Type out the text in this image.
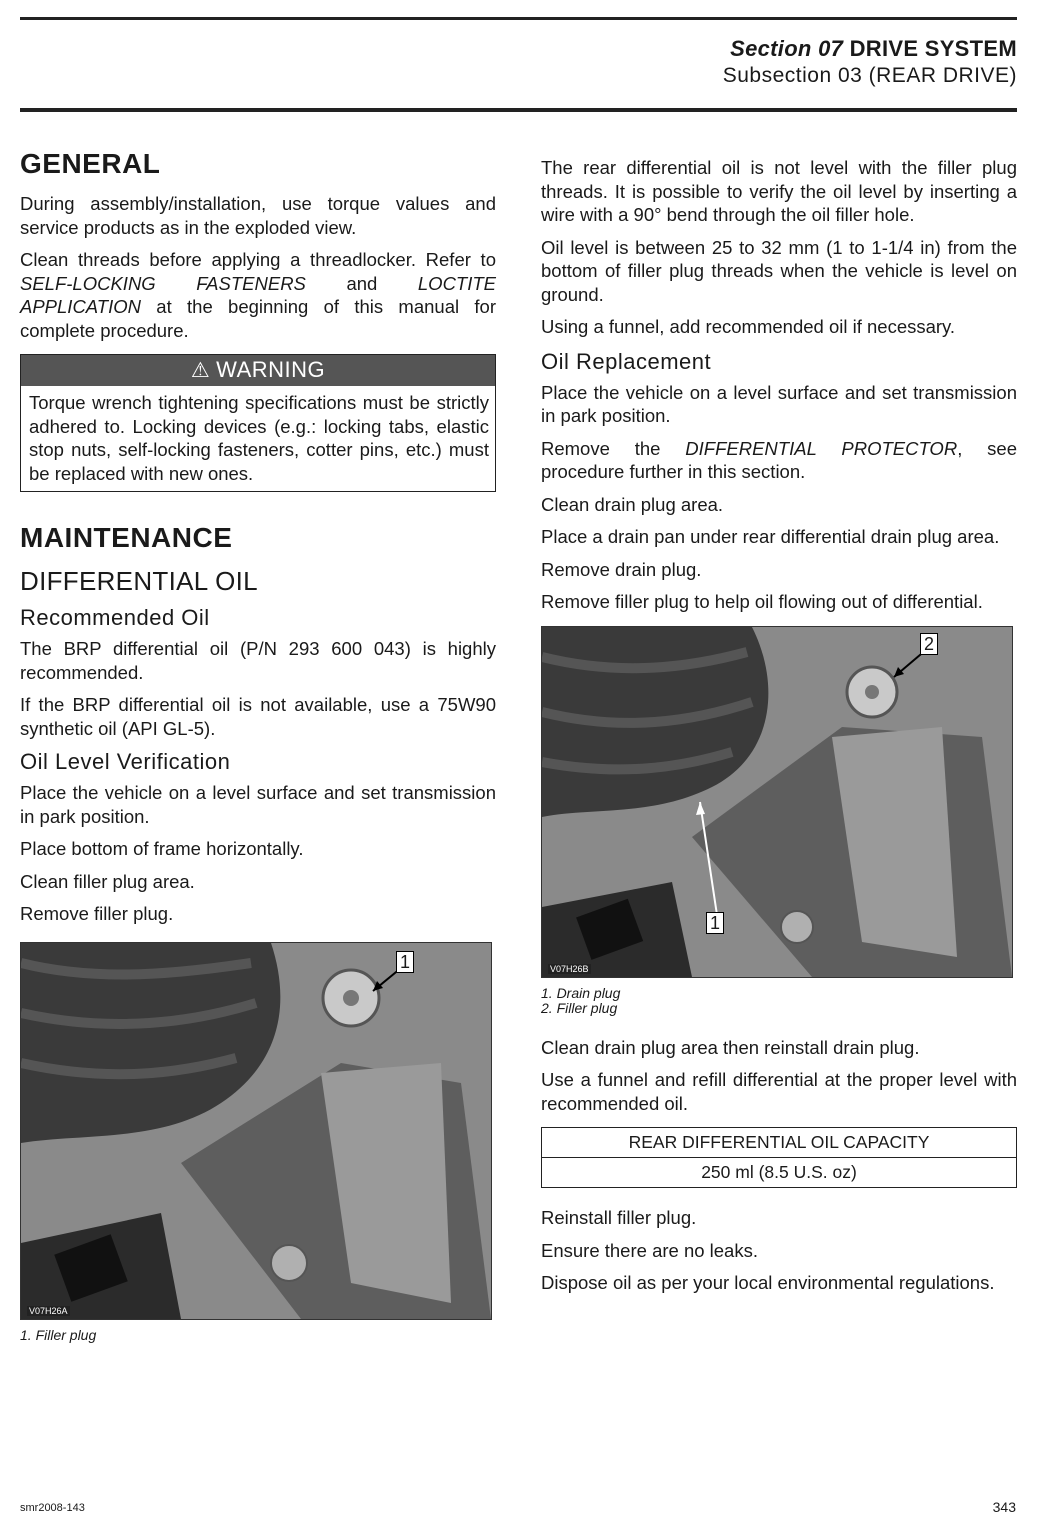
Section 07 DRIVE SYSTEM
Subsection 03 (REAR DRIVE)
GENERAL

During assembly/installation, use torque values and service products as in the exploded view.

Clean threads before applying a threadlocker. Refer to SELF-LOCKING FASTENERS and LOCTITE APPLICATION at the beginning of this manual for complete procedure.

⚠ WARNING
Torque wrench tightening specifications must be strictly adhered to. Locking devices (e.g.: locking tabs, elastic stop nuts, self-locking fasteners, cotter pins, etc.) must be replaced with new ones.
MAINTENANCE
DIFFERENTIAL OIL
Recommended Oil

The BRP differential oil (P/N 293 600 043) is highly recommended.

If the BRP differential oil is not available, use a 75W90 synthetic oil (API GL-5).

Oil Level Verification

Place the vehicle on a level surface and set transmission in park position.

Place bottom of frame horizontally.

Clean filler plug area.

Remove filler plug.

1
V07H26A
1. Filler plug

The rear differential oil is not level with the filler plug threads. It is possible to verify the oil level by inserting a wire with a 90° bend through the oil filler hole.

Oil level is between 25 to 32 mm (1 to 1-1/4 in) from the bottom of filler plug threads when the vehicle is level on ground.

Using a funnel, add recommended oil if necessary.

Oil Replacement

Place the vehicle on a level surface and set transmission in park position.

Remove the DIFFERENTIAL PROTECTOR, see procedure further in this section.

Clean drain plug area.

Place a drain pan under rear differential drain plug area.

Remove drain plug.

Remove filler plug to help oil flowing out of differential.

1
2
V07H26B
1. Drain plug
2. Filler plug

Clean drain plug area then reinstall drain plug.

Use a funnel and refill differential at the proper level with recommended oil.

REAR DIFFERENTIAL OIL CAPACITY
250 ml (8.5 U.S. oz)

Reinstall filler plug.

Ensure there are no leaks.

Dispose oil as per your local environmental regulations.

smr2008-143	343
